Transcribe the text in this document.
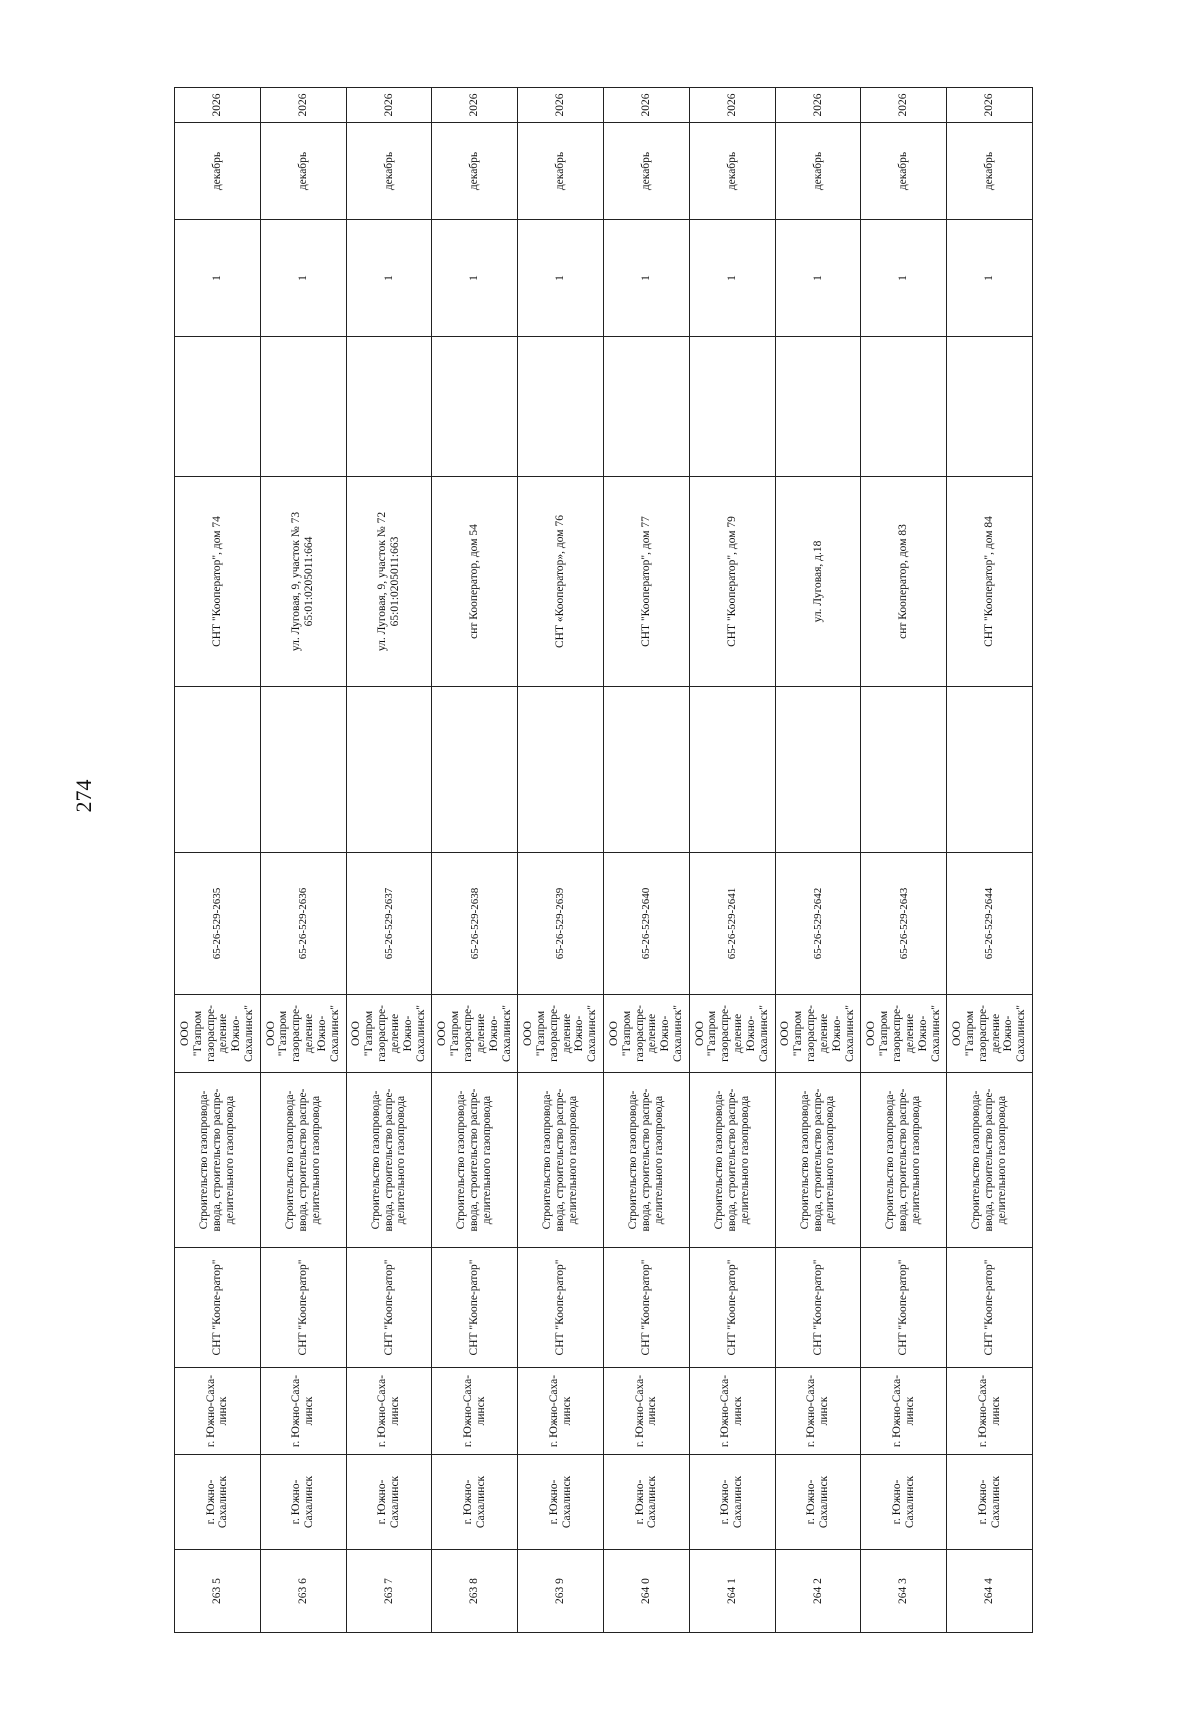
274
263 5	г. Южно-Сахалинск	г. Южно-Саха-линск	СНТ "Коопе-ратор"	Строительство газопровода-ввода, строительство распре-делительного газопровода	ООО "Газпром газораспре-деление Южно-Сахалинск"	65-26-529-2635		СНТ "Кооператор", дом 74		1	декабрь	2026
263 6	г. Южно-Сахалинск	г. Южно-Саха-линск	СНТ "Коопе-ратор"	Строительство газопровода-ввода, строительство распре-делительного газопровода	ООО "Газпром газораспре-деление Южно-Сахалинск"	65-26-529-2636		ул. Луговая, 9, участок № 73 65:01:0205011:664		1	декабрь	2026
263 7	г. Южно-Сахалинск	г. Южно-Саха-линск	СНТ "Коопе-ратор"	Строительство газопровода-ввода, строительство распре-делительного газопровода	ООО "Газпром газораспре-деление Южно-Сахалинск"	65-26-529-2637		ул. Луговая, 9, участок № 72 65:01:0205011:663		1	декабрь	2026
263 8	г. Южно-Сахалинск	г. Южно-Саха-линск	СНТ "Коопе-ратор"	Строительство газопровода-ввода, строительство распре-делительного газопровода	ООО "Газпром газораспре-деление Южно-Сахалинск"	65-26-529-2638		снт Кооператор, дом 54		1	декабрь	2026
263 9	г. Южно-Сахалинск	г. Южно-Саха-линск	СНТ "Коопе-ратор"	Строительство газопровода-ввода, строительство распре-делительного газопровода	ООО "Газпром газораспре-деление Южно-Сахалинск"	65-26-529-2639		СНТ «Кооператор», дом 76		1	декабрь	2026
264 0	г. Южно-Сахалинск	г. Южно-Саха-линск	СНТ "Коопе-ратор"	Строительство газопровода-ввода, строительство распре-делительного газопровода	ООО "Газпром газораспре-деление Южно-Сахалинск"	65-26-529-2640		СНТ "Кооператор", дом 77		1	декабрь	2026
264 1	г. Южно-Сахалинск	г. Южно-Саха-линск	СНТ "Коопе-ратор"	Строительство газопровода-ввода, строительство распре-делительного газопровода	ООО "Газпром газораспре-деление Южно-Сахалинск"	65-26-529-2641		СНТ "Кооператор", дом 79		1	декабрь	2026
264 2	г. Южно-Сахалинск	г. Южно-Саха-линск	СНТ "Коопе-ратор"	Строительство газопровода-ввода, строительство распре-делительного газопровода	ООО "Газпром газораспре-деление Южно-Сахалинск"	65-26-529-2642		ул. Луговая, д.18		1	декабрь	2026
264 3	г. Южно-Сахалинск	г. Южно-Саха-линск	СНТ "Коопе-ратор"	Строительство газопровода-ввода, строительство распре-делительного газопровода	ООО "Газпром газораспре-деление Южно-Сахалинск"	65-26-529-2643		снт Кооператор, дом 83		1	декабрь	2026
264 4	г. Южно-Сахалинск	г. Южно-Саха-линск	СНТ "Коопе-ратор"	Строительство газопровода-ввода, строительство распре-делительного газопровода	ООО "Газпром газораспре-деление Южно-Сахалинск"	65-26-529-2644		СНТ "Кооператор", дом 84		1	декабрь	2026
